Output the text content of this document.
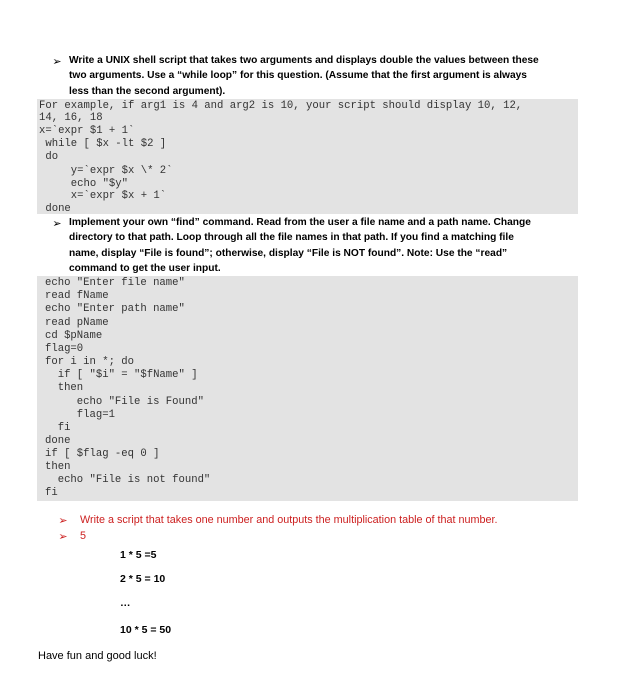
➢ Write a UNIX shell script that takes two arguments and displays double the values between these
two arguments. Use a “while loop” for this question. (Assume that the first argument is always
less than the second argument).
For example, if arg1 is 4 and arg2 is 10, your script should display 10, 12,
14, 16, 18
x=`expr $1 + 1`
while [ $x -lt $2 ]
do
y=`expr $x \* 2`
echo "$y"
x=`expr $x + 1`
done
➢ Implement your own “find” command. Read from the user a file name and a path name. Change
directory to that path. Loop through all the file names in that path. If you find a matching file
name, display “File is found”; otherwise, display “File is NOT found”. Note: Use the “read”
command to get the user input.
echo "Enter file name"
read fName
echo "Enter path name"
read pName
cd $pName
flag=0
for i in *; do
if [ "$i" = "$fName" ]
then
echo "File is Found"
flag=1
fi
done
if [ $flag -eq 0 ]
then
echo "File is not found"
fi
➢ Write a script that takes one number and outputs the multiplication table of that number.
➢ 5
1 * 5 =5
2 * 5 = 10
…
10 * 5 = 50
Have fun and good luck!
